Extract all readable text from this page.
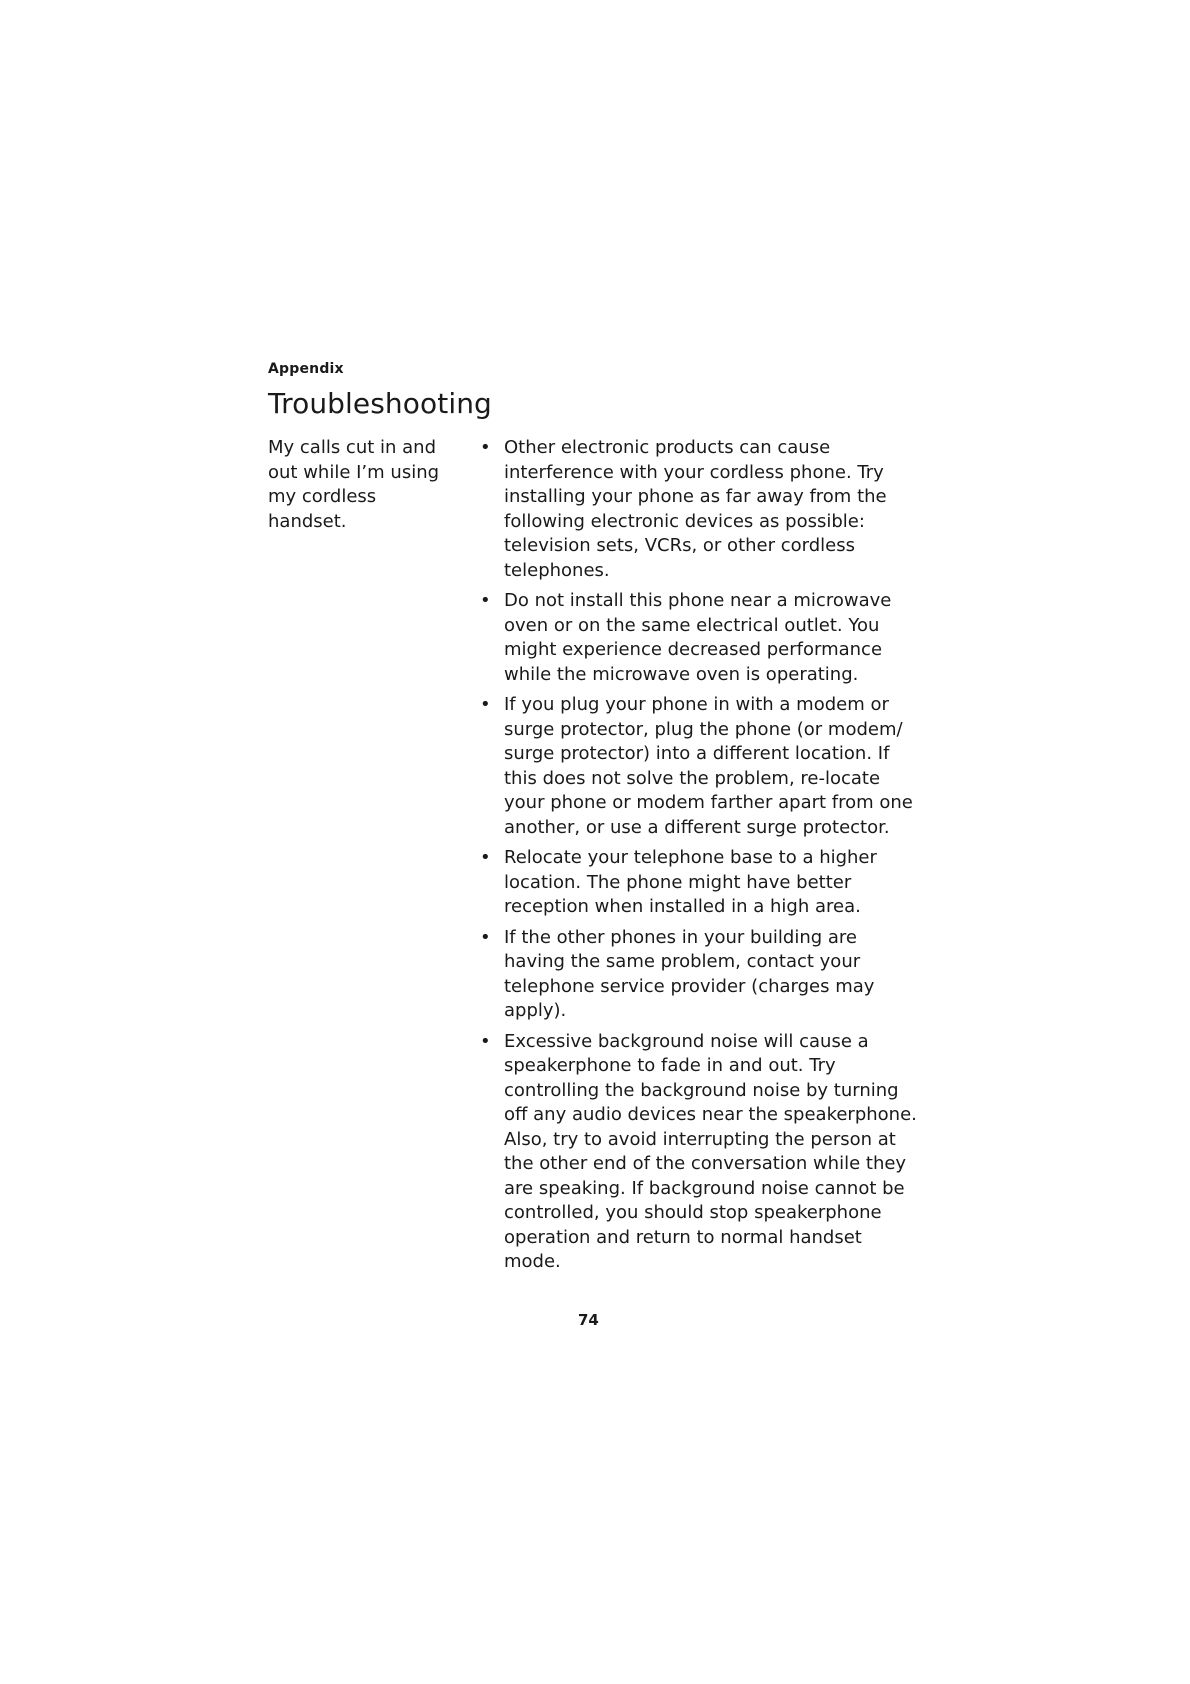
Appendix
Troubleshooting
My calls cut in and out while I’m using my cordless handset.
• Other electronic products can cause interference with your cordless phone. Try installing your phone as far away from the following electronic devices as possible: television sets, VCRs, or other cordless telephones.
• Do not install this phone near a microwave oven or on the same electrical outlet. You might experience decreased performance while the microwave oven is operating.
• If you plug your phone in with a modem or surge protector, plug the phone (or modem/ surge protector) into a different location. If this does not solve the problem, re-locate your phone or modem farther apart from one another, or use a different surge protector.
• Relocate your telephone base to a higher location. The phone might have better reception when installed in a high area.
• If the other phones in your building are having the same problem, contact your telephone service provider (charges may apply).
• Excessive background noise will cause a speakerphone to fade in and out. Try controlling the background noise by turning off any audio devices near the speakerphone. Also, try to avoid interrupting the person at the other end of the conversation while they are speaking. If background noise cannot be controlled, you should stop speakerphone operation and return to normal handset mode.
74
